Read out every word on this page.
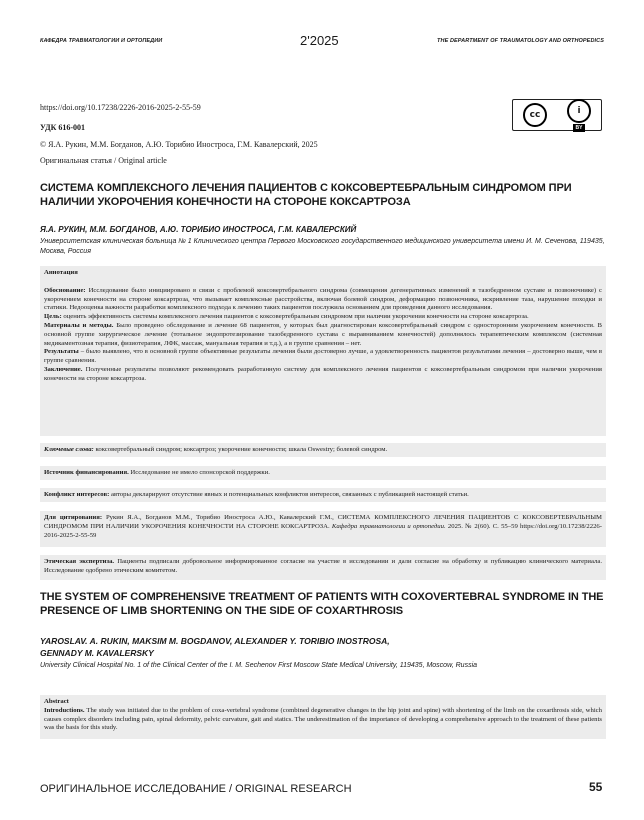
КАФЕДРА ТРАВМАТОЛОГИИ И ОРТОПЕДИИ	2'2025	THE DEPARTMENT OF TRAUMATOLOGY AND ORTHOPEDICS
https://doi.org/10.17238/2226-2016-2025-2-55-59
УДК 616-001
© Я.А. Рукин, М.М. Богданов, А.Ю. Торибио Иностроса, Г.М. Кавалерский, 2025
Оригинальная статья / Original article
cc	i
BY
СИСТЕМА КОМПЛЕКСНОГО ЛЕЧЕНИЯ ПАЦИЕНТОВ С КОКСОВЕРТЕБРАЛЬНЫМ СИНДРОМОМ ПРИ НАЛИЧИИ УКОРОЧЕНИЯ КОНЕЧНОСТИ НА СТОРОНЕ КОКСАРТРОЗА
Я.А. РУКИН, М.М. БОГДАНОВ, А.Ю. ТОРИБИО ИНОСТРОСА, Г.М. КАВАЛЕРСКИЙ
Университетская клиническая больница № 1 Клинического центра Первого Московского государственного медицинского университета имени И. М. Сеченова, 119435, Москва, Россия
Аннотация
Обоснование: Исследование было инициировано в связи с проблемой коксовертебрального синдрома (совмещения дегенеративных изменений в тазобедренном суставе и позвоночнике) с укорочением конечности на стороне коксартроза, что вызывает комплексные расстройства, включая болевой синдром, деформацию позвоночника, искривление таза, нарушение походки и статики. Недооценка важности разработки комплексного подхода к лечению таких пациентов послужила основанием для проведения данного исследования.
Цель: оценить эффективность системы комплексного лечения пациентов с коксовертебральным синдромом при наличии укорочения конечности на стороне коксартроза.
Материалы и методы. Было проведено обследование и лечение 68 пациентов, у которых был диагностирован коксовертебральный синдром с односторонним укорочением конечности. В основной группе хирургическое лечение (тотальное эндопротезирование тазобедренного сустава с выравниванием конечностей) дополнялось терапевтическим комплексом (системная медикаментозная терапия, физиотерапия, ЛФК, массаж, мануальная терапия и т.д.), а в группе сравнения – нет.
Результаты – было выявлено, что в основной группе объективные результаты лечения были достоверно лучше, а удовлетворенность пациентов результатами лечения – достоверно выше, чем в группе сравнения.
Заключение. Полученные результаты позволяют рекомендовать разработанную систему для комплексного лечения пациентов с коксовертебральным синдромом при наличии укорочения конечности на стороне коксартроза.
Ключевые слова: коксовертебральный синдром; коксартроз; укорочение конечности; шкала Oswestry; болевой синдром.
Источник финансирования. Исследование не имело спонсорской поддержки.
Конфликт интересов: авторы декларируют отсутствие явных и потенциальных конфликтов интересов, связанных с публикацией настоящей статьи.
Для цитирования: Рукин Я.А., Богданов М.М., Торибио Иностроса А.Ю., Кавалерский Г.М., СИСТЕМА КОМПЛЕКСНОГО ЛЕЧЕНИЯ ПАЦИЕНТОВ С КОКСОВЕРТЕБРАЛЬНЫМ СИНДРОМОМ ПРИ НАЛИЧИИ УКОРОЧЕНИЯ КОНЕЧНОСТИ НА СТОРОНЕ КОКСАРТРОЗА. Кафедра травматологии и ортопедии. 2025. № 2(60). С. 55–59 https://doi.org/10.17238/2226-2016-2025-2-55-59
Этическая экспертиза. Пациенты подписали добровольное информированное согласие на участие в исследовании и дали согласие на обработку и публикацию клинического материала. Исследование одобрено этическим комитетом.
THE SYSTEM OF COMPREHENSIVE TREATMENT OF PATIENTS WITH COXOVERTEBRAL SYNDROME IN THE PRESENCE OF LIMB SHORTENING ON THE SIDE OF COXARTHROSIS
YAROSLAV. A. RUKIN, MAKSIM M. BOGDANOV, ALEXANDER Y. TORIBIO INOSTROSA,
GENNADY M. KAVALERSKY
University Clinical Hospital No. 1 of the Clinical Center of the I. M. Sechenov First Moscow State Medical University, 119435, Moscow, Russia
Abstract
Introductions. The study was initiated due to the problem of coxa-vertebral syndrome (combined degenerative changes in the hip joint and spine) with shortening of the limb on the coxarthrosis side, which causes complex disorders including pain, spinal deformity, pelvic curvature, gait and statics. The underestimation of the importance of developing a comprehensive approach to the treatment of these patients was the basis for this study.
ОРИГИНАЛЬНОЕ ИССЛЕДОВАНИЕ / ORIGINAL RESEARCH	55
